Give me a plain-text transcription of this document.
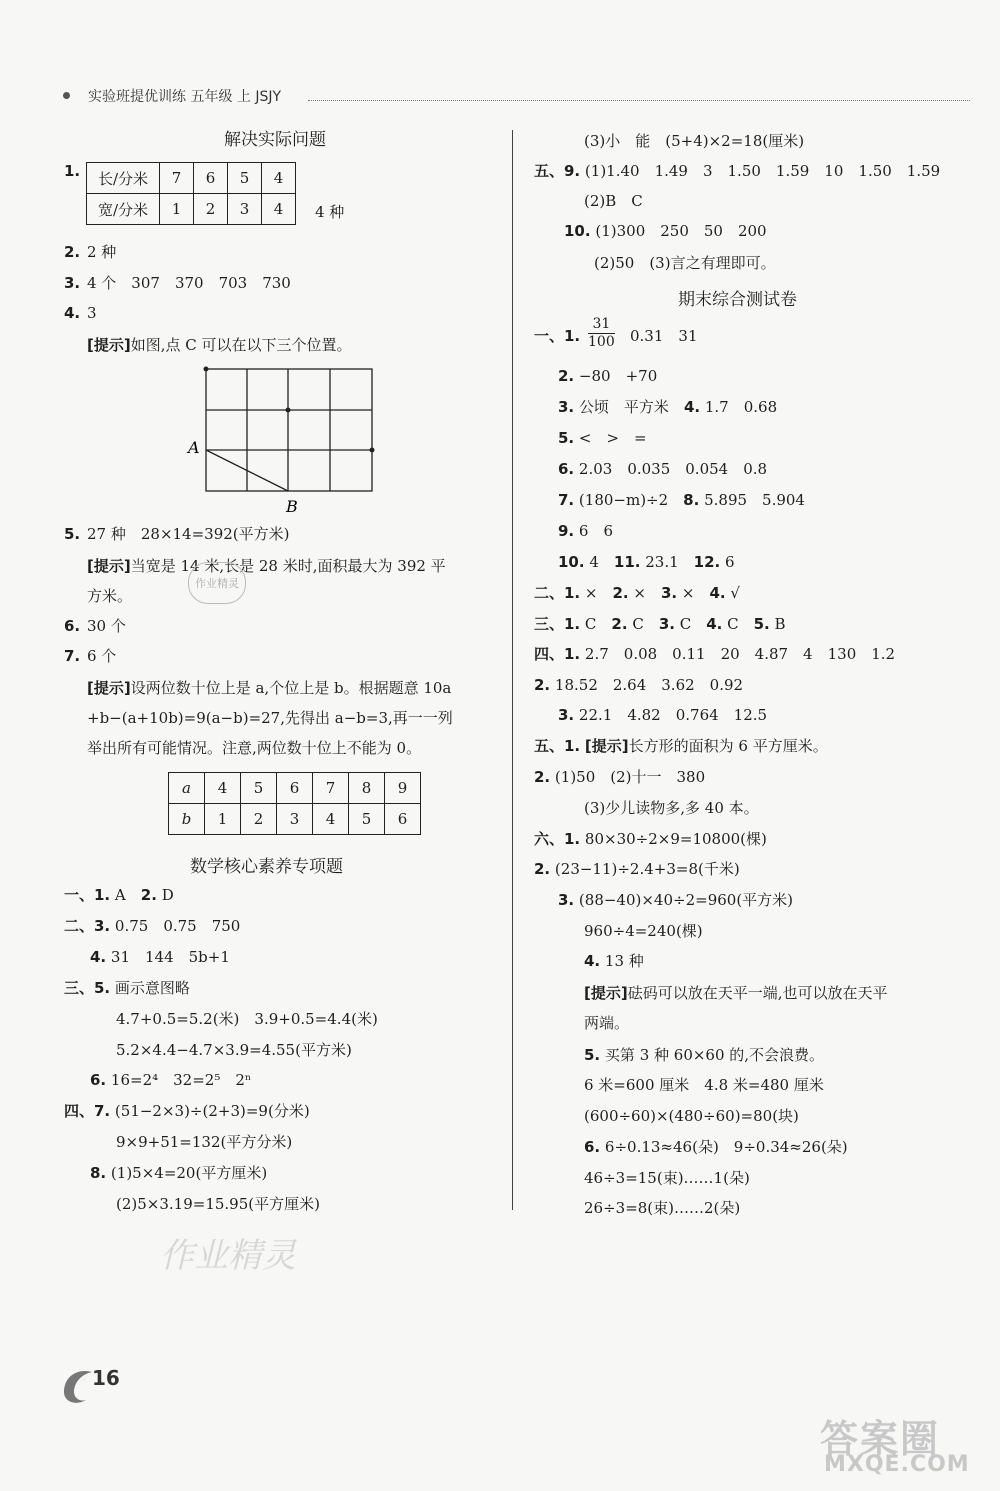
实验班提优训练 五年级 上 JSJY
解决实际问题
1. 长/分米	7	6	5	4
宽/分米	1	2	3	4 4 种
2. 2 种
3. 4 个　307　370　703　730
4. 3
[提示]如图,点 C 可以在以下三个位置。
A
B
5. 27 种　28×14=392(平方米)
[提示]当宽是 14 米,长是 28 米时,面积最大为 392 平
方米。
6. 30 个
7. 6 个
[提示]设两位数十位上是 a,个位上是 b。根据题意 10a
+b−(a+10b)=9(a−b)=27,先得出 a−b=3,再一一列
举出所有可能情况。注意,两位数十位上不能为 0。
a	4	5	6	7	8	9
b	1	2	3	4	5	6
数学核心素养专项题
一、1. A　2. D
二、3. 0.75　0.75　750
4. 31　144　5b+1
三、5. 画示意图略
4.7+0.5=5.2(米)　3.9+0.5=4.4(米)
5.2×4.4−4.7×3.9=4.55(平方米)
6. 16=2⁴　32=2⁵　2ⁿ
四、7. (51−2×3)÷(2+3)=9(分米)
9×9+51=132(平方分米)
8. (1)5×4=20(平方厘米)
(2)5×3.19=15.95(平方厘米)
作业精灵
作业精灵
(3)小　能　(5+4)×2=18(厘米)
五、9. (1)1.40　1.49　3　1.50　1.59　10　1.50　1.59
(2)B　C
10. (1)300　250　50　200
(2)50　(3)言之有理即可。
期末综合测试卷
一、1. $\frac{31}{100} 0.31$　31
2. −80　+70
3. 公顷　平方米　4. 1.7　0.68
5. <　>　=
6. 2.03　0.035　0.054　0.8
7. (180−m)÷2　8. 5.895　5.904
9. 6　6
10. 4　11. 23.1　12. 6
二、1. ×　2. ×　3. ×　4. √
三、1. C　2. C　3. C　4. C　5. B
四、1. 2.7　0.08　0.11　20　4.87　4　130　1.2
2. 18.52　2.64　3.62　0.92
3. 22.1　4.82　0.764　12.5
五、1. [提示]长方形的面积为 6 平方厘米。
2. (1)50　(2)十一　380
(3)少儿读物多,多 40 本。
六、1. 80×30÷2×9=10800(棵)
2. (23−11)÷2.4+3=8(千米)
3. (88−40)×40÷2=960(平方米)
960÷4=240(棵)
4. 13 种
[提示]砝码可以放在天平一端,也可以放在天平
两端。
5. 买第 3 种 60×60 的,不会浪费。
6 米=600 厘米　4.8 米=480 厘米
(600÷60)×(480÷60)=80(块)
6. 6÷0.13≈46(朵)　9÷0.34≈26(朵)
46÷3=15(束)……1(朵)
26÷3=8(束)……2(朵)
16
答案圈
MXQE.COM
